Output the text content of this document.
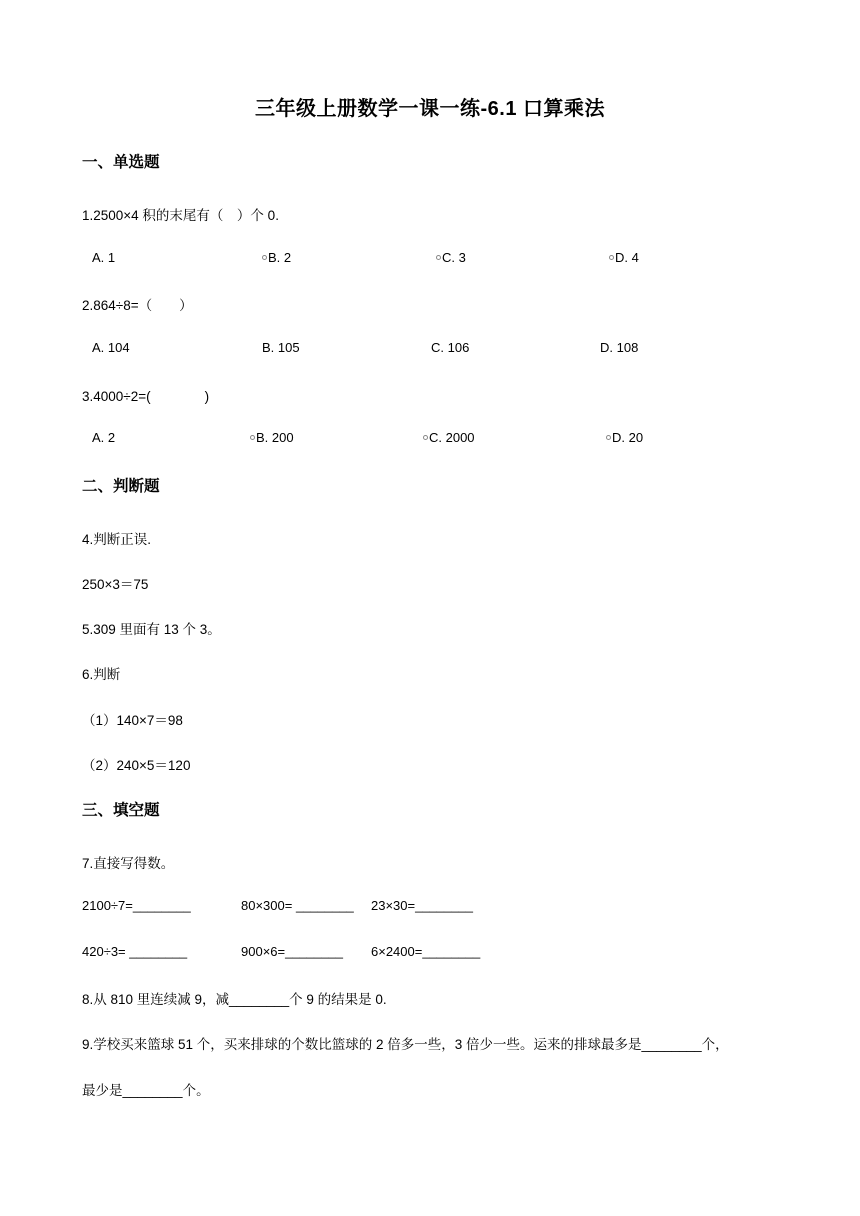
三年级上册数学一课一练-6.1 口算乘法
一、单选题
1.2500×4 积的末尾有（　）个 0.
A. 1	B. 2	C. 3	D. 4
2.864÷8=（　　）
A. 104	B. 105	C. 106	D. 108
3.4000÷2=(　　　　)
A. 2	B. 200	C. 2000	D. 20
二、判断题
4.判断正误.
250×3＝75
5.309 里面有 13 个 3。
6.判断
（1）140×7＝98
（2）240×5＝120
三、填空题
7.直接写得数。
2100÷7=________	80×300= ________ 23×30=________
420÷3= ________	900×6=________ 6×2400=________
8.从 810 里连续减 9，减________个 9 的结果是 0.
9.学校买来篮球 51 个，买来排球的个数比篮球的 2 倍多一些，3 倍少一些。运来的排球最多是________个，
最少是________个。
